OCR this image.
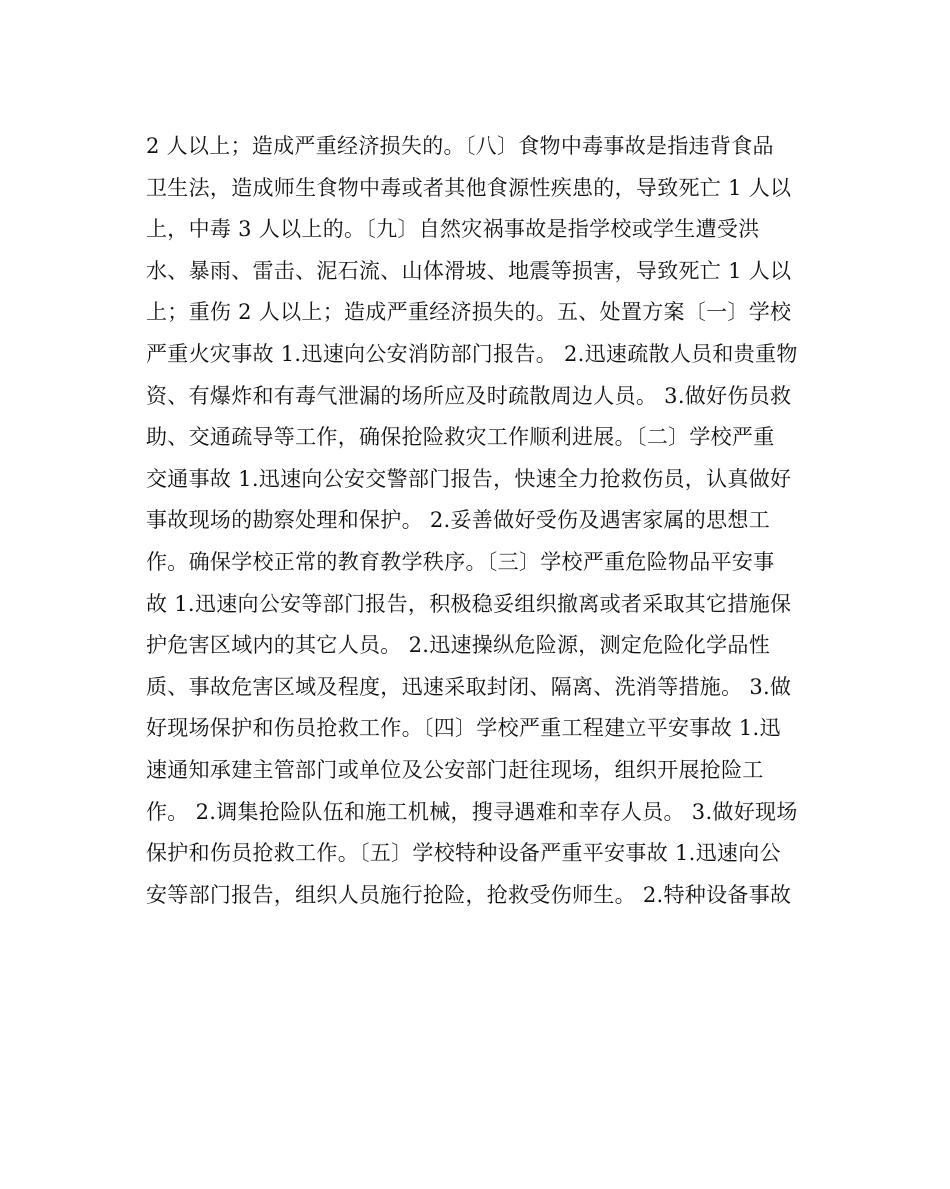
2 人以上；造成严重经济损失的。〔八〕食物中毒事故是指违背食品
卫生法，造成师生食物中毒或者其他食源性疾患的，导致死亡 1 人以
上，中毒 3 人以上的。〔九〕自然灾祸事故是指学校或学生遭受洪
水、暴雨、雷击、泥石流、山体滑坡、地震等损害，导致死亡 1 人以
上；重伤 2 人以上；造成严重经济损失的。五、处置方案〔一〕学校
严重火灾事故 1.迅速向公安消防部门报告。 2.迅速疏散人员和贵重物
资、有爆炸和有毒气泄漏的场所应及时疏散周边人员。 3.做好伤员救
助、交通疏导等工作，确保抢险救灾工作顺利进展。〔二〕学校严重
交通事故 1.迅速向公安交警部门报告，快速全力抢救伤员，认真做好
事故现场的勘察处理和保护。 2.妥善做好受伤及遇害家属的思想工
作。确保学校正常的教育教学秩序。〔三〕学校严重危险物品平安事
故 1.迅速向公安等部门报告，积极稳妥组织撤离或者采取其它措施保
护危害区域内的其它人员。 2.迅速操纵危险源，测定危险化学品性
质、事故危害区域及程度，迅速采取封闭、隔离、洗消等措施。 3.做
好现场保护和伤员抢救工作。〔四〕学校严重工程建立平安事故 1.迅
速通知承建主管部门或单位及公安部门赶往现场，组织开展抢险工
作。 2.调集抢险队伍和施工机械，搜寻遇难和幸存人员。 3.做好现场
保护和伤员抢救工作。〔五〕学校特种设备严重平安事故 1.迅速向公
安等部门报告，组织人员施行抢险，抢救受伤师生。 2.特种设备事故
